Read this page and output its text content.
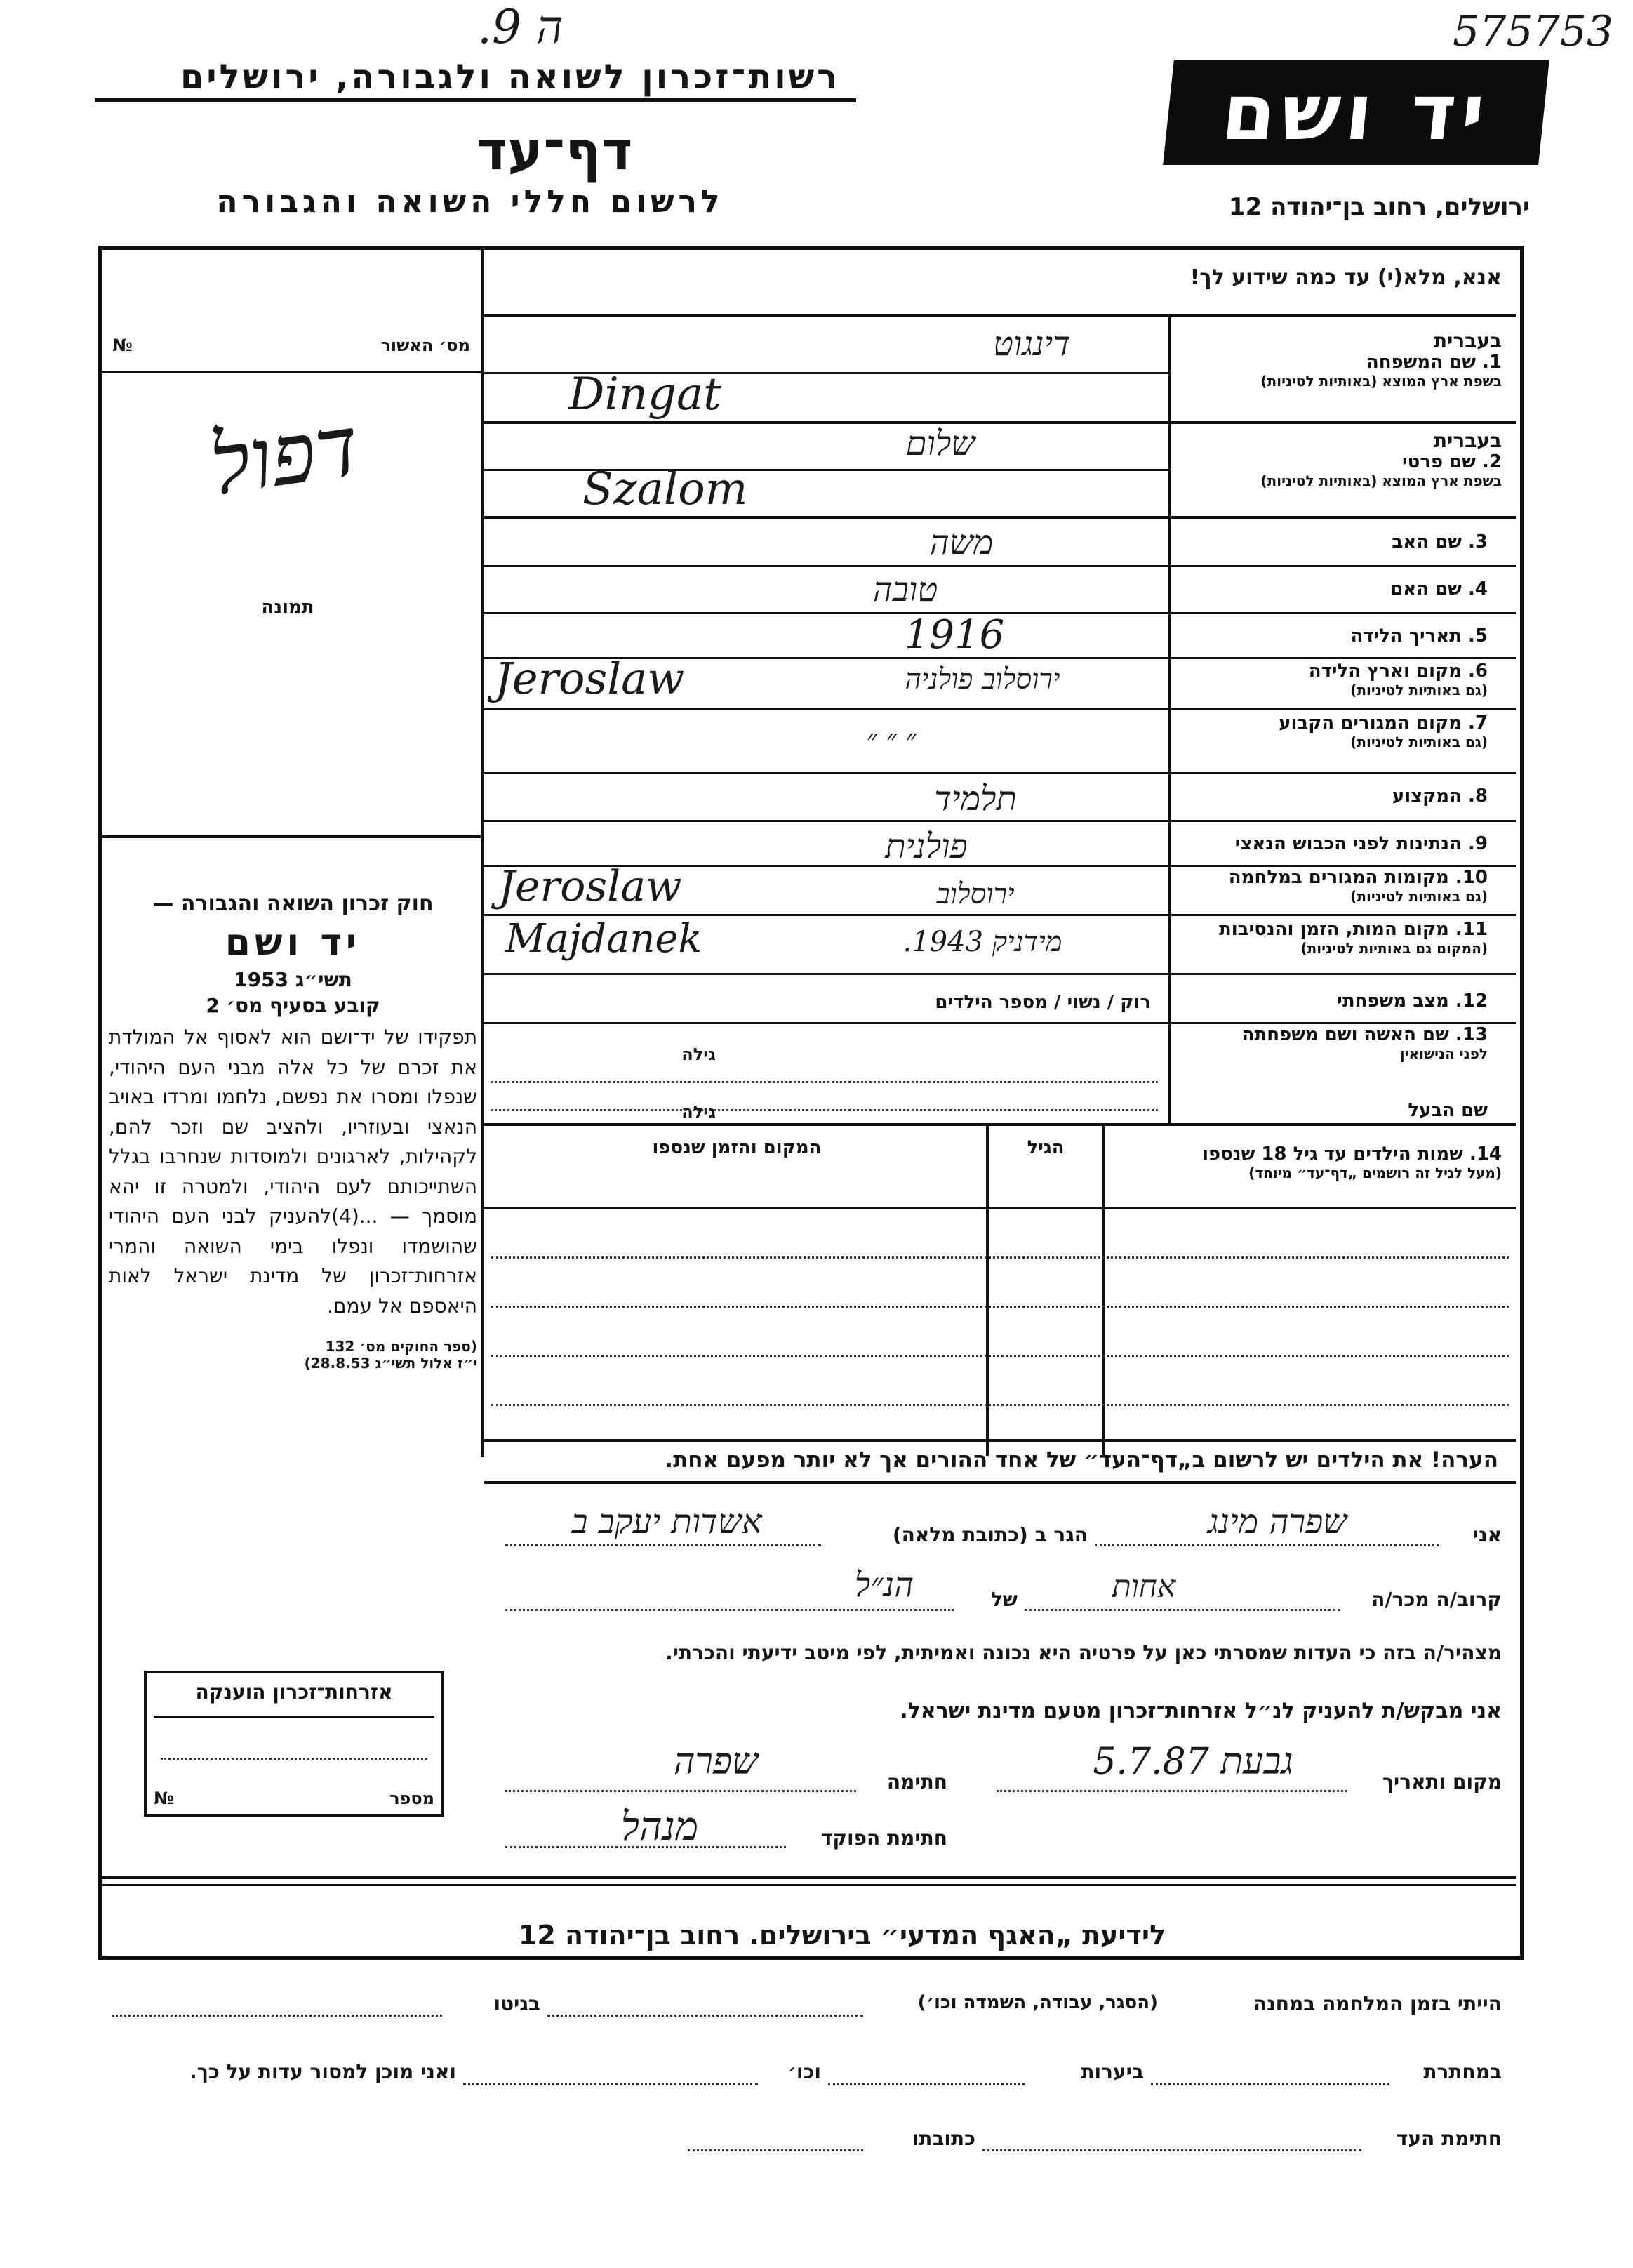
575753
ה 9.
רשות־זכרון לשואה ולגבורה, ירושלים
דף־עד
לרשום חללי השואה והגבורה
יד ושם
ירושלים, רחוב בן־יהודה 12
אנא, מלא(י) עד כמה שידוע לך!
№	מס׳ האשור
דפול
תמונה
חוק זכרון השואה והגבורה —
יד ושם
תשי״ג 1953
קובע בסעיף מס׳ 2
תפקידו של יד־ושם הוא לאסוף אל המולדת את זכרם של כל אלה מבני העם היהודי, שנפלו ומסרו את נפשם, נלחמו ומרדו באויב הנאצי ובעוזריו, ולהציב שם וזכר להם, לקהילות, לארגונים ולמוסדות שנחרבו בגלל השתייכותם לעם היהודי, ולמטרה זו יהא מוסמך — ...(4)להעניק לבני העם היהודי שהושמדו ונפלו בימי השואה והמרי אזרחות־זכרון של מדינת ישראל לאות היאספם אל עמם.
(ספר החוקים מס׳ 132
י״ז אלול תשי״ג 28.8.53)
בעברית
1. שם המשפחה
בשפת ארץ המוצא (באותיות לטיניות)
בעברית
2. שם פרטי
בשפת ארץ המוצא (באותיות לטיניות)
3. שם האב
4. שם האם
5. תאריך הלידה
6. מקום וארץ הלידה
(גם באותיות לטיניות)
7. מקום המגורים הקבוע
(גם באותיות לטיניות)
8. המקצוע
9. הנתינות לפני הכבוש הנאצי
10. מקומות המגורים במלחמה
(גם באותיות לטיניות)
11. מקום המות, הזמן והנסיבות
(המקום גם באותיות לטיניות)
12. מצב משפחתי
13. שם האשה ושם משפחתה
לפני הנישואין
שם הבעל
דינגוט
Dingat
שלום
Szalom
משה
טובה
1916
ירוסלוב פולניה
Jeroslaw
״ ״ ״
תלמיד
פולנית
ירוסלוב
Jeroslaw
מידניק 1943.
Majdanek
רוק / נשוי / מספר הילדים
גילה
גילה
14. שמות הילדים עד גיל 18 שנספו
(מעל לגיל זה רושמים „דף־עד״ מיוחד)
הגיל
המקום והזמן שנספו
הערה! את הילדים יש לרשום ב„דף־העד״ של אחד ההורים אך לא יותר מפעם אחת.
אני
שפרה מינג
הגר ב (כתובת מלאה)
אשדות יעקב ב
קרוב/ה מכר/ה
אחות
של
הנ״ל
מצהיר/ה בזה כי העדות שמסרתי כאן על פרטיה היא נכונה ואמיתית, לפי מיטב ידיעתי והכרתי.
אני מבקש/ת להעניק לנ״ל אזרחות־זכרון מטעם מדינת ישראל.
מקום ותאריך
גבעת 5.7.87
חתימה
שפרה
חתימת הפוקד
מנהל
אזרחות־זכרון הוענקה
מספר
№
לידיעת „האגף המדעי״ בירושלים. רחוב בן־יהודה 12
הייתי בזמן המלחמה במחנה
(הסגר, עבודה, השמדה וכו׳)
בגיטו
במחתרת
ביערות
וכו׳
ואני מוכן למסור עדות על כך.
חתימת העד
כתובתו
